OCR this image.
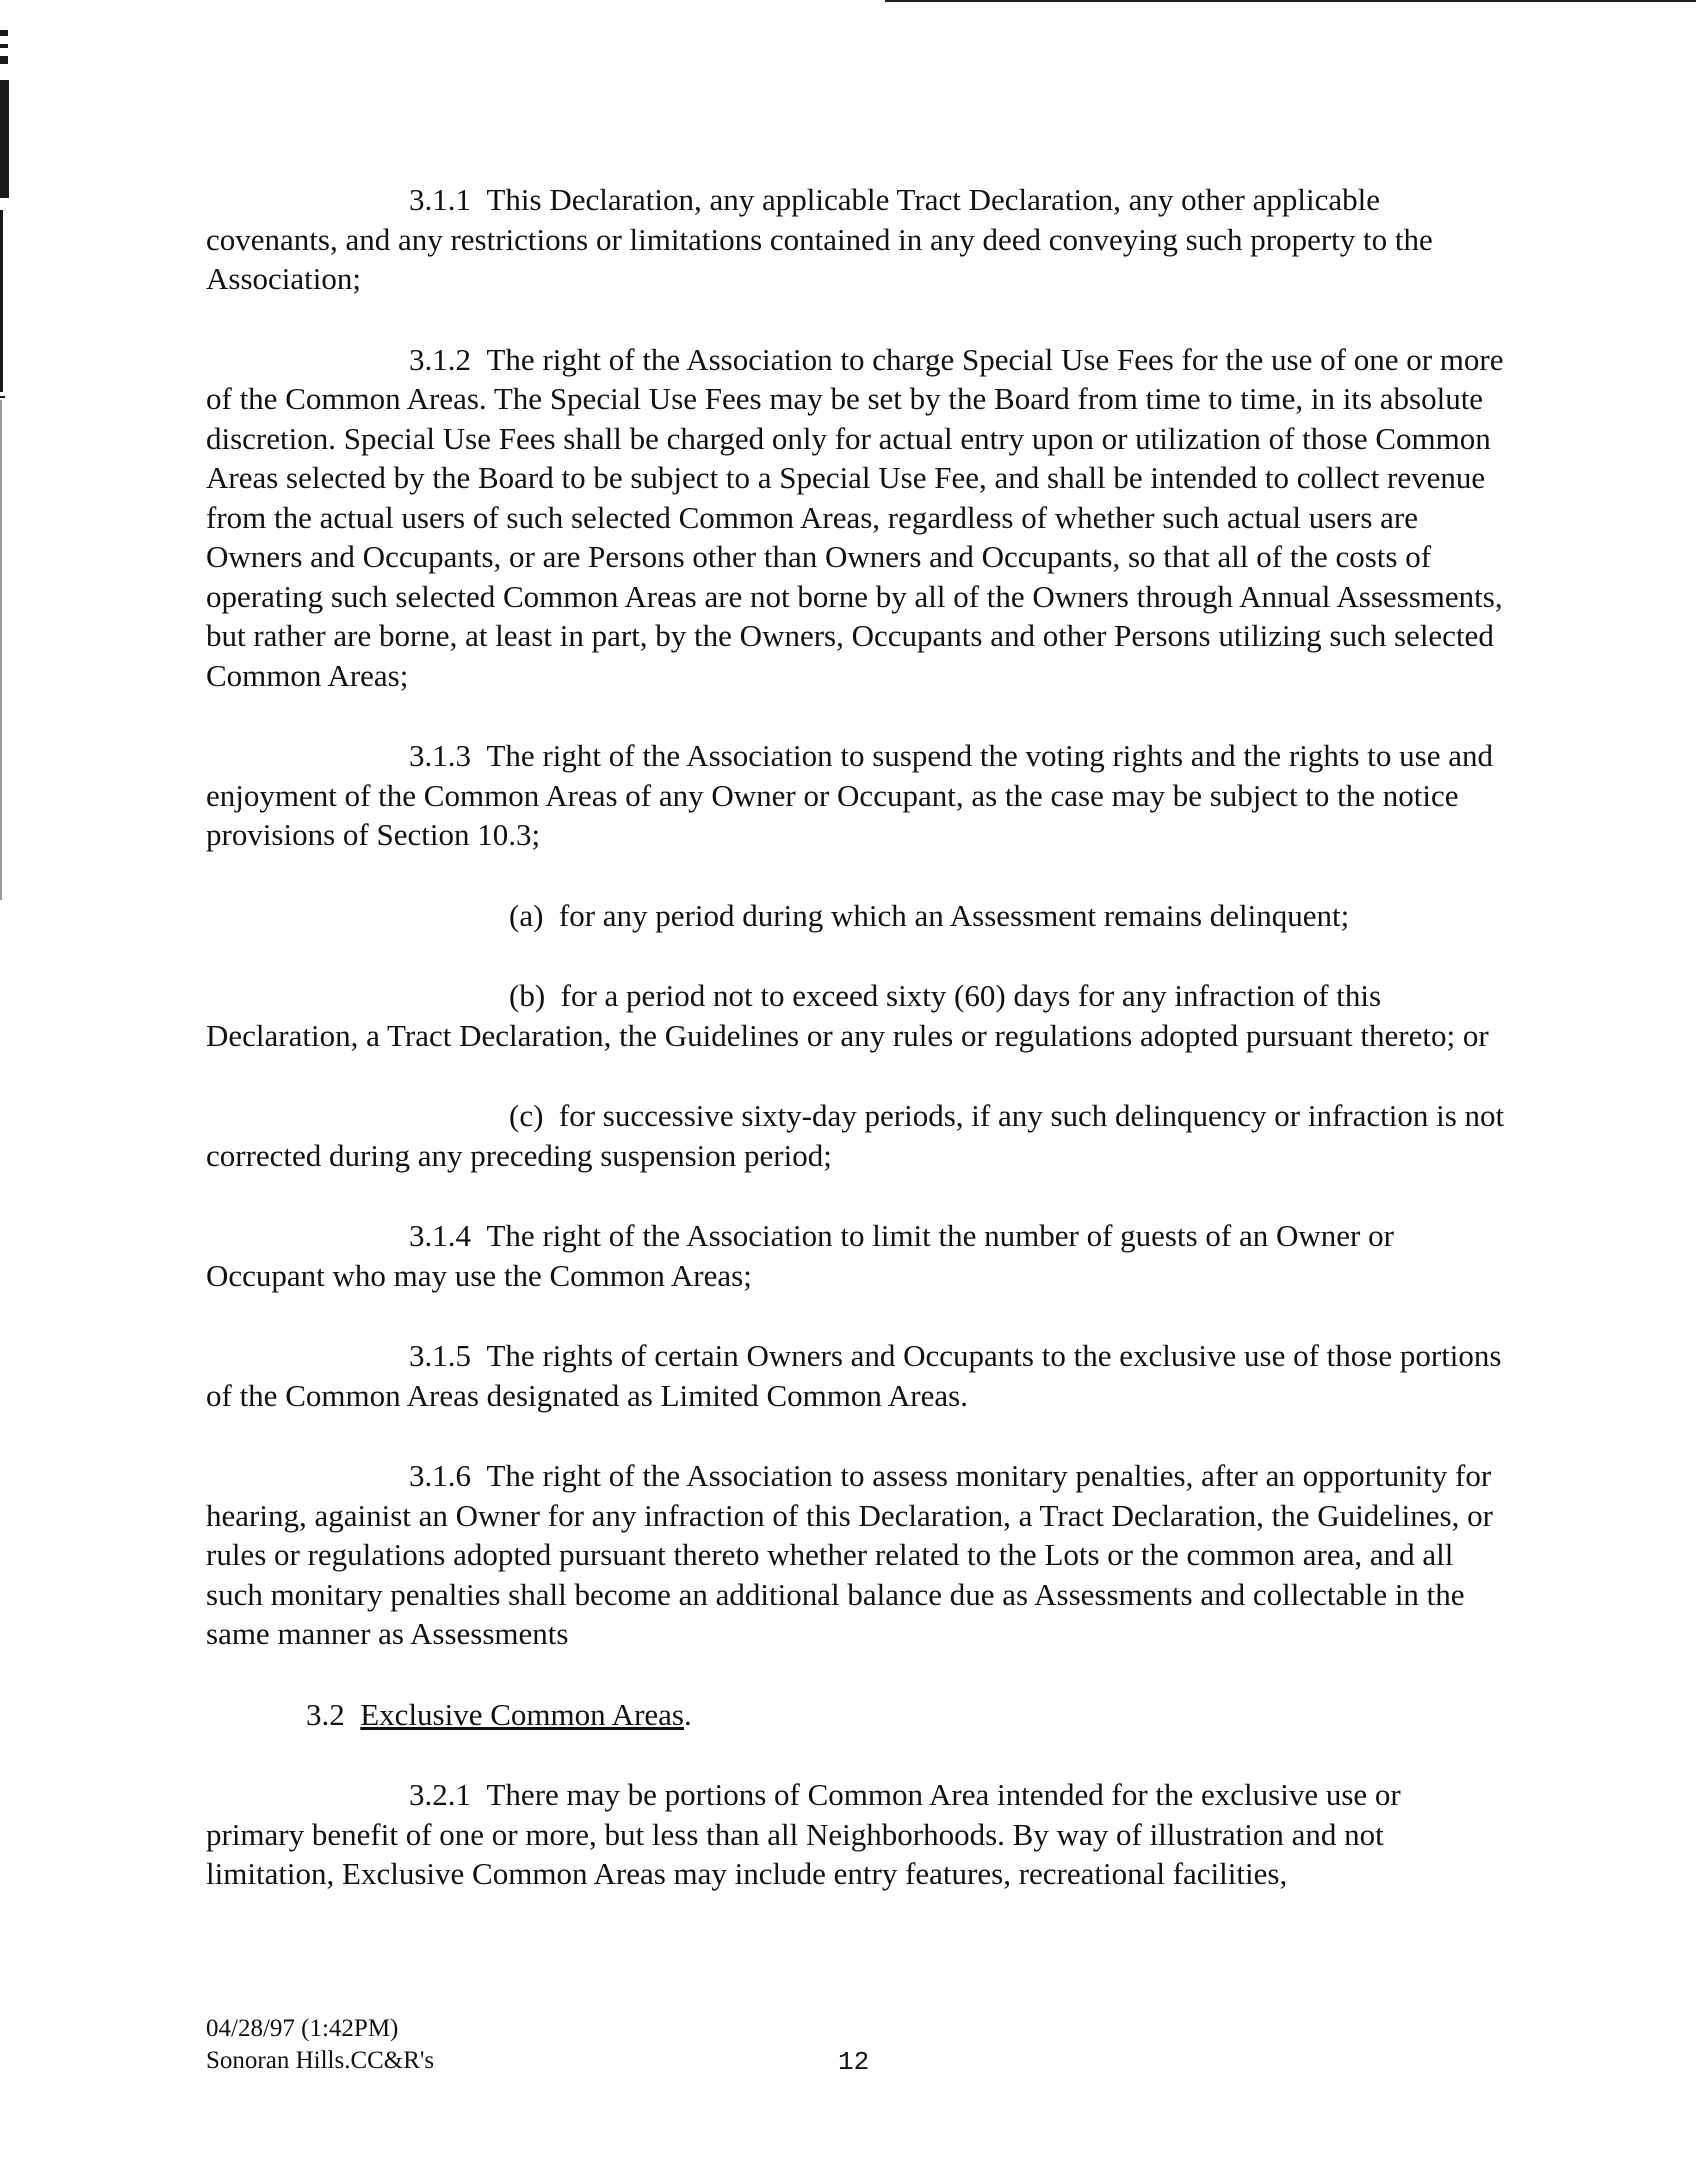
3.1.1 This Declaration, any applicable Tract Declaration, any other applicable covenants, and any restrictions or limitations contained in any deed conveying such property to the Association;

3.1.2 The right of the Association to charge Special Use Fees for the use of one or more of the Common Areas. The Special Use Fees may be set by the Board from time to time, in its absolute discretion. Special Use Fees shall be charged only for actual entry upon or utilization of those Common Areas selected by the Board to be subject to a Special Use Fee, and shall be intended to collect revenue from the actual users of such selected Common Areas, regardless of whether such actual users are Owners and Occupants, or are Persons other than Owners and Occupants, so that all of the costs of operating such selected Common Areas are not borne by all of the Owners through Annual Assessments, but rather are borne, at least in part, by the Owners, Occupants and other Persons utilizing such selected Common Areas;

3.1.3 The right of the Association to suspend the voting rights and the rights to use and enjoyment of the Common Areas of any Owner or Occupant, as the case may be subject to the notice provisions of Section 10.3;

(a) for any period during which an Assessment remains delinquent;

(b) for a period not to exceed sixty (60) days for any infraction of this Declaration, a Tract Declaration, the Guidelines or any rules or regulations adopted pursuant thereto; or

(c) for successive sixty-day periods, if any such delinquency or infraction is not corrected during any preceding suspension period;

3.1.4 The right of the Association to limit the number of guests of an Owner or Occupant who may use the Common Areas;

3.1.5 The rights of certain Owners and Occupants to the exclusive use of those portions of the Common Areas designated as Limited Common Areas.

3.1.6 The right of the Association to assess monitary penalties, after an opportunity for hearing, againist an Owner for any infraction of this Declaration, a Tract Declaration, the Guidelines, or rules or regulations adopted pursuant thereto whether related to the Lots or the common area, and all such monitary penalties shall become an additional balance due as Assessments and collectable in the same manner as Assessments

3.2 Exclusive Common Areas.

3.2.1 There may be portions of Common Area intended for the exclusive use or primary benefit of one or more, but less than all Neighborhoods. By way of illustration and not limitation, Exclusive Common Areas may include entry features, recreational facilities,

04/28/97 (1:42PM)
Sonoran Hills.CC&R's	12
